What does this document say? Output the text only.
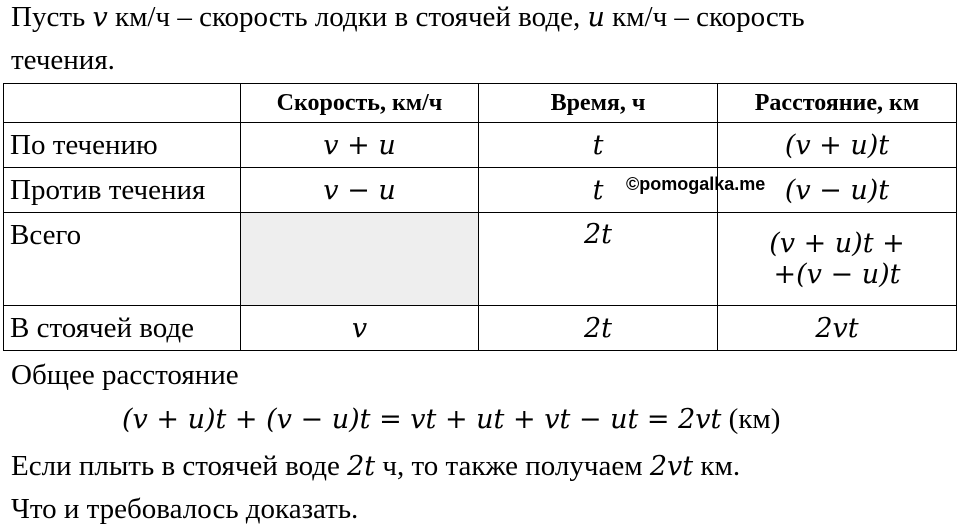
Пусть v км/ч – скорость лодки в стоячей воде, u км/ч – скорость
течения.
	Скорость, км/ч	Время, ч	Расстояние, км
По течению	v + u	t	(v + u)t
Против течения	v − u	t	(v − u)t
Всего		2t	(v + u)t +
+(v − u)t

В стоячей воде	v	2t	2vt
©pomogalka.me
Общее расстояние
(v + u)t + (v − u)t = vt + ut + vt − ut = 2vt (км)
Если плыть в стоячей воде 2t ч, то также получаем 2vt км.
Что и требовалось доказать.
